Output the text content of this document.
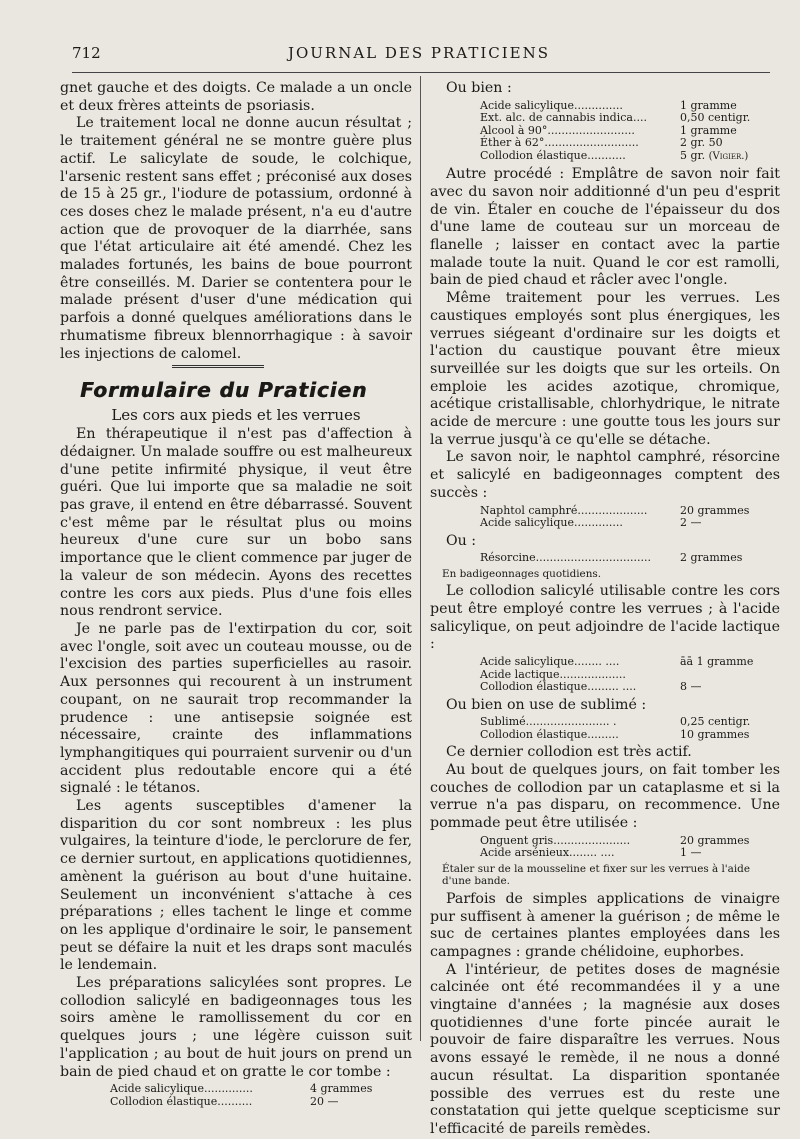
712	JOURNAL DES PRATICIENS

gnet gauche et des doigts. Ce malade a un oncle et deux frères atteints de psoriasis.

Le traitement local ne donne aucun résultat ; le traitement général ne se montre guère plus actif. Le salicylate de soude, le colchique, l'arsenic restent sans effet ; préconisé aux doses de 15 à 25 gr., l'iodure de potassium, ordonné à ces doses chez le malade présent, n'a eu d'autre action que de provoquer de la diarrhée, sans que l'état articulaire ait été amendé. Chez les malades fortunés, les bains de boue pourront être conseillés. M. Darier se contentera pour le malade présent d'user d'une médication qui parfois a donné quelques améliorations dans le rhumatisme fibreux blennorrhagique : à savoir les injections de calomel.

Formulaire du Praticien
Les cors aux pieds et les verrues

En thérapeutique il n'est pas d'affection à dédaigner. Un malade souffre ou est malheureux d'une petite infirmité physique, il veut être guéri. Que lui importe que sa maladie ne soit pas grave, il entend en être débarrassé. Souvent c'est même par le résultat plus ou moins heureux d'une cure sur un bobo sans importance que le client commence par juger de la valeur de son médecin. Ayons des recettes contre les cors aux pieds. Plus d'une fois elles nous rendront service.

Je ne parle pas de l'extirpation du cor, soit avec l'ongle, soit avec un couteau mousse, ou de l'excision des parties superficielles au rasoir. Aux personnes qui recourent à un instrument coupant, on ne saurait trop recommander la prudence : une antisepsie soignée est nécessaire, crainte des inflammations lymphangitiques qui pourraient survenir ou d'un accident plus redoutable encore qui a été signalé : le tétanos.

Les agents susceptibles d'amener la disparition du cor sont nombreux : les plus vulgaires, la teinture d'iode, le perclorure de fer, ce dernier surtout, en applications quotidiennes, amènent la guérison au bout d'une huitaine. Seulement un inconvénient s'attache à ces préparations ; elles tachent le linge et comme on les applique d'ordinaire le soir, le pansement peut se défaire la nuit et les draps sont maculés le lendemain.

Les préparations salicylées sont propres. Le collodion salicylé en badigeonnages tous les soirs amène le ramollissement du cor en quelques jours ; une légère cuisson suit l'application ; au bout de huit jours on prend un bain de pied chaud et on gratte le cor tombe :

Acide salicylique..............	4 grammes
Collodion élastique..........	20 —
Ou bien :
Acide salicylique..............	1 gramme
Ext. alc. de cannabis indica....	0,50 centigr.
Alcool à 90°.........................	1 gramme
Éther à 62°...........................	2 gr. 50
Collodion élastique...........	5 gr. (Vigier.)

Autre procédé : Emplâtre de savon noir fait avec du savon noir additionné d'un peu d'esprit de vin. Étaler en couche de l'épaisseur du dos d'une lame de couteau sur un morceau de flanelle ; laisser en contact avec la partie malade toute la nuit. Quand le cor est ramolli, bain de pied chaud et râcler avec l'ongle.

Même traitement pour les verrues. Les caustiques employés sont plus énergiques, les verrues siégeant d'ordinaire sur les doigts et l'action du caustique pouvant être mieux surveillée sur les doigts que sur les orteils. On emploie les acides azotique, chromique, acétique cristallisable, chlorhydrique, le nitrate acide de mercure : une goutte tous les jours sur la verrue jusqu'à ce qu'elle se détache.

Le savon noir, le naphtol camphré, résorcine et salicylé en badigeonnages comptent des succès :

Naphtol camphré....................	20 grammes
Acide salicylique..............	2 —
Ou :
Résorcine.................................	2 grammes
En badigeonnages quotidiens.

Le collodion salicylé utilisable contre les cors peut être employé contre les verrues ; à l'acide salicylique, on peut adjoindre de l'acide lactique :

Acide salicylique........ ....	āā 1 gramme
Acide lactique...................
Collodion élastique......... ....	8 —
Ou bien on use de sublimé :
Sublimé........................ .	0,25 centigr.
Collodion élastique.........	10 grammes

Ce dernier collodion est très actif.

Au bout de quelques jours, on fait tomber les couches de collodion par un cataplasme et si la verrue n'a pas disparu, on recommence. Une pommade peut être utilisée :

Onguent gris......................	20 grammes
Acide arsénieux........ ....	1 —
Étaler sur de la mousseline et fixer sur les verrues à l'aide d'une bande.

Parfois de simples applications de vinaigre pur suffisent à amener la guérison ; de même le suc de certaines plantes employées dans les campagnes : grande chélidoine, euphorbes.

A l'intérieur, de petites doses de magnésie calcinée ont été recommandées il y a une vingtaine d'années ; la magnésie aux doses quotidiennes d'une forte pincée aurait le pouvoir de faire disparaître les verrues. Nous avons essayé le remède, il ne nous a donné aucun résultat. La disparition spontanée possible des verrues est du reste une constatation qui jette quelque scepticisme sur l'efficacité de pareils remèdes.
